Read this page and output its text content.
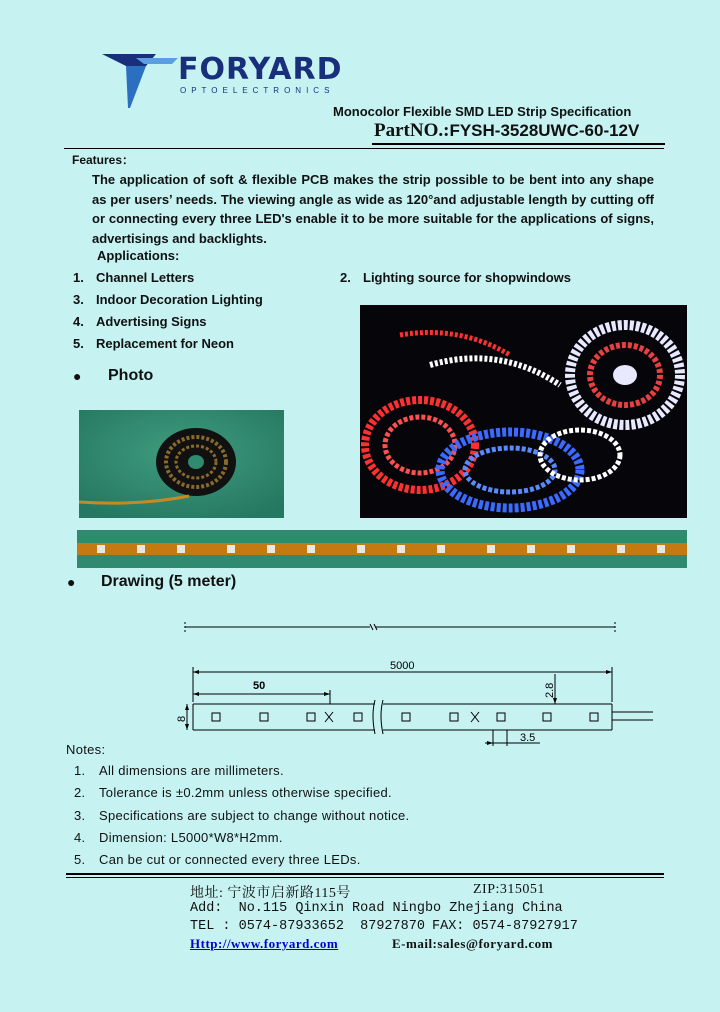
FORYARD
OPTOELECTRONICS
Monocolor Flexible SMD LED Strip Specification
PartNO.:FYSH-3528UWC-60-12V
Features：
The application of soft & flexible PCB makes the strip possible to be bent into any shape as per users’ needs. The viewing angle as wide as 120°and adjustable length by cutting off or connecting every three LED's enable it to be more suitable for the applications of signs, advertisings and backlights.
Applications:
1. Channel Letters	2. Lighting source for shopwindows
3. Indoor Decoration Lighting
4. Advertising Signs
5. Replacement for Neon
● Photo
● Drawing (5 meter)
5000
50	2.8
8
3.5
Notes:
1. All dimensions are millimeters.
2. Tolerance is ±0.2mm unless otherwise specified.
3. Specifications are subject to change without notice.
4. Dimension: L5000*W8*H2mm.
5. Can be cut or connected every three LEDs.
地址: 宁波市启新路115号	ZIP:315051
Add:  No.115 Qinxin Road Ningbo Zhejiang China
TEL : 0574-87933652  87927870 FAX: 0574-87927917
Http://www.foryard.com	E-mail:sales@foryard.com
